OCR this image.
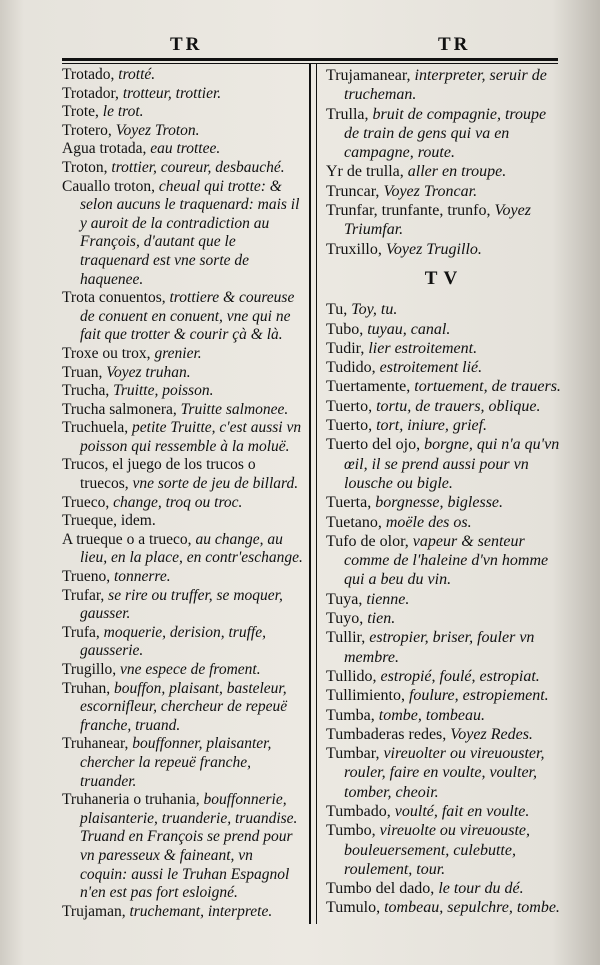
TR	TR

Trotado, trotté.

Trotador, trotteur, trottier.

Trote, le trot.

Trotero, Voyez Troton.

Agua trotada, eau trottee.

Troton, trottier, coureur, desbauché.

Cauallo troton, cheual qui trotte: & selon aucuns le traquenard: mais il y auroit de la contradiction au François, d'autant que le traquenard est vne sorte de haquenee.

Trota conuentos, trottiere & coureuse de conuent en conuent, vne qui ne fait que trotter & courir çà & là.

Troxe ou trox, grenier.

Truan, Voyez truhan.

Trucha, Truitte, poisson.

Trucha salmonera, Truitte salmonee.

Truchuela, petite Truitte, c'est aussi vn poisson qui ressemble à la moluë.

Trucos, el juego de los trucos o truecos, vne sorte de jeu de billard.

Trueco, change, troq ou troc.

Trueque, idem.

A trueque o a trueco, au change, au lieu, en la place, en contr'eschange.

Trueno, tonnerre.

Trufar, se rire ou truffer, se moquer, gausser.

Trufa, moquerie, derision, truffe, gausserie.

Trugillo, vne espece de froment.

Truhan, bouffon, plaisant, basteleur, escornifleur, chercheur de repeuë franche, truand.

Truhanear, bouffonner, plaisanter, chercher la repeuë franche, truander.

Truhaneria o truhania, bouffonnerie, plaisanterie, truanderie, truandise. Truand en François se prend pour vn paresseux & faineant, vn coquin: aussi le Truhan Espagnol n'en est pas fort esloigné.

Trujaman, truchemant, interprete.

Trujamanear, interpreter, seruir de trucheman.

Trulla, bruit de compagnie, troupe de train de gens qui va en campagne, route.

Yr de trulla, aller en troupe.

Truncar, Voyez Troncar.

Trunfar, trunfante, trunfo, Voyez Triumfar.

Truxillo, Voyez Trugillo.

TV

Tu, Toy, tu.

Tubo, tuyau, canal.

Tudir, lier estroitement.

Tudido, estroitement lié.

Tuertamente, tortuement, de trauers.

Tuerto, tortu, de trauers, oblique.

Tuerto, tort, iniure, grief.

Tuerto del ojo, borgne, qui n'a qu'vn œil, il se prend aussi pour vn lousche ou bigle.

Tuerta, borgnesse, biglesse.

Tuetano, moële des os.

Tufo de olor, vapeur & senteur comme de l'haleine d'vn homme qui a beu du vin.

Tuya, tienne.

Tuyo, tien.

Tullir, estropier, briser, fouler vn membre.

Tullido, estropié, foulé, estropiat.

Tullimiento, foulure, estropiement.

Tumba, tombe, tombeau.

Tumbaderas redes, Voyez Redes.

Tumbar, vireuolter ou vireuouster, rouler, faire en voulte, voulter, tomber, cheoir.

Tumbado, voulté, fait en voulte.

Tumbo, vireuolte ou vireuouste, bouleuersement, culebutte, roulement, tour.

Tumbo del dado, le tour du dé.

Tumulo, tombeau, sepulchre, tombe.
